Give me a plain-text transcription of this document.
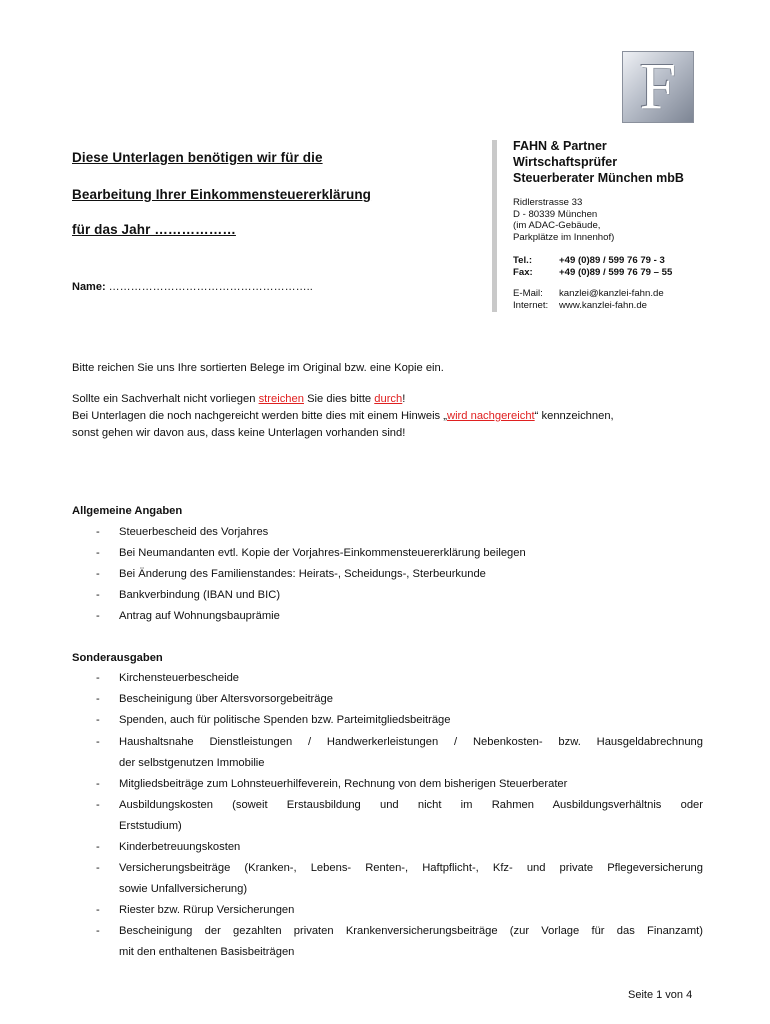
F
Diese Unterlagen benötigen wir für die
Bearbeitung Ihrer Einkommensteuererklärung
für das Jahr ………………
Name: ………………………………………………..
FAHN & Partner
Wirtschaftsprüfer
Steuerberater München mbB
Ridlerstrasse 33
D - 80339 München
(im ADAC-Gebäude,
Parkplätze im Innenhof)
Tel.:	+49 (0)89 / 599 76 79 - 3
Fax:	+49 (0)89 / 599 76 79 – 55
E-Mail: kanzlei@kanzlei-fahn.de
Internet: www.kanzlei-fahn.de
Bitte reichen Sie uns Ihre sortierten Belege im Original bzw. eine Kopie ein.
Sollte ein Sachverhalt nicht vorliegen streichen Sie dies bitte durch!
Bei Unterlagen die noch nachgereicht werden bitte dies mit einem Hinweis „wird nachgereicht“ kennzeichnen,
sonst gehen wir davon aus, dass keine Unterlagen vorhanden sind!
Allgemeine Angaben
- Steuerbescheid des Vorjahres
- Bei Neumandanten evtl. Kopie der Vorjahres-Einkommensteuererklärung beilegen
- Bei Änderung des Familienstandes: Heirats-, Scheidungs-, Sterbeurkunde
- Bankverbindung (IBAN und BIC)
- Antrag auf Wohnungsbauprämie
Sonderausgaben
- Kirchensteuerbescheide
- Bescheinigung über Altersvorsorgebeiträge
- Spenden, auch für politische Spenden bzw. Parteimitgliedsbeiträge
- Haushaltsnahe Dienstleistungen / Handwerkerleistungen / Nebenkosten- bzw. Hausgeldabrechnung
der selbstgenutzen Immobilie
- Mitgliedsbeiträge zum Lohnsteuerhilfeverein, Rechnung von dem bisherigen Steuerberater
- Ausbildungskosten (soweit Erstausbildung und nicht im Rahmen Ausbildungsverhältnis oder
Erststudium)
- Kinderbetreuungskosten
- Versicherungsbeiträge (Kranken-, Lebens- Renten-, Haftpflicht-, Kfz- und private Pflegeversicherung
sowie Unfallversicherung)
- Riester bzw. Rürup Versicherungen
- Bescheinigung der gezahlten privaten Krankenversicherungsbeiträge (zur Vorlage für das Finanzamt)
mit den enthaltenen Basisbeiträgen
Seite 1 von 4
